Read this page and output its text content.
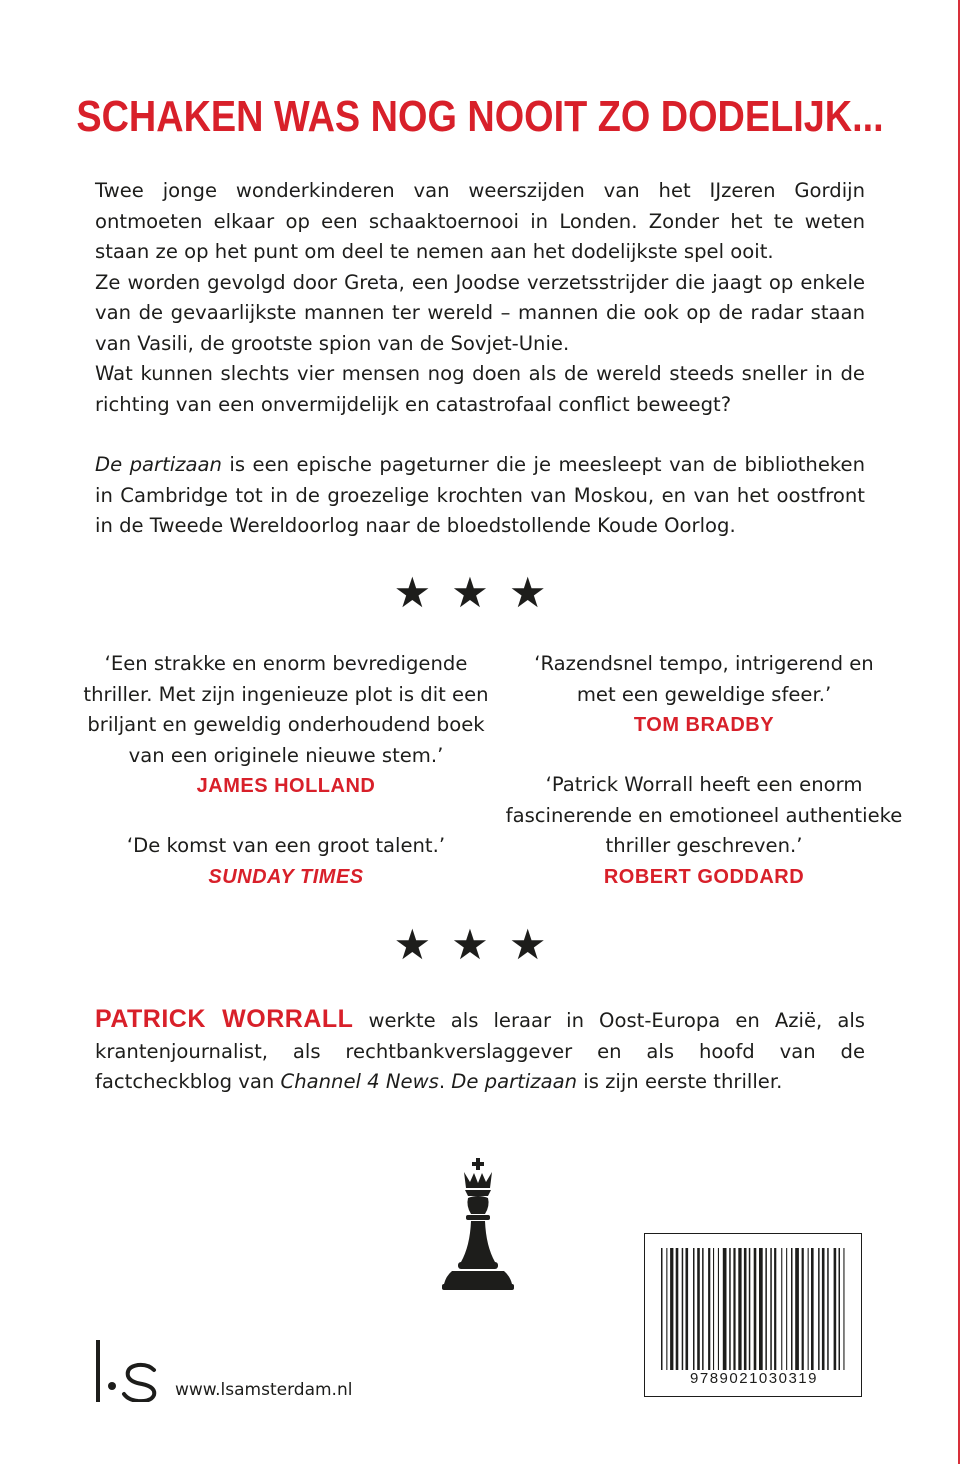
SCHAKEN WAS NOG NOOIT ZO DODELIJK...

Twee jonge wonderkinderen van weerszijden van het IJzeren Gordijn ontmoeten elkaar op een schaaktoernooi in Londen. Zonder het te weten staan ze op het punt om deel te nemen aan het dodelijkste spel ooit.

Ze worden gevolgd door Greta, een Joodse verzetsstrijder die jaagt op enkele van de gevaarlijkste mannen ter wereld – mannen die ook op de radar staan van Vasili, de grootste spion van de Sovjet-Unie.

Wat kunnen slechts vier mensen nog doen als de wereld steeds sneller in de richting van een onvermijdelijk en catastrofaal conflict beweegt?

De partizaan is een epische pageturner die je meesleept van de bibliotheken in Cambridge tot in de groezelige krochten van Moskou, en van het oostfront in de Tweede Wereldoorlog naar de bloedstollende Koude Oorlog.

★★★

‘Een strakke en enorm bevredigende thriller. Met zijn ingenieuze plot is dit een briljant en geweldig onderhoudend boek van een originele nieuwe stem.’

JAMES HOLLAND

‘De komst van een groot talent.’

SUNDAY TIMES

‘Razendsnel tempo, intrigerend en met een geweldige sfeer.’

TOM BRADBY

‘Patrick Worrall heeft een enorm fascinerende en emotioneel authentieke thriller geschreven.’

ROBERT GODDARD

★★★

PATRICK WORRALL werkte als leraar in Oost-Europa en Azië, als krantenjournalist, als rechtbankverslaggever en als hoofd van de factcheckblog van Channel 4 News. De partizaan is zijn eerste thriller.

www.lsamsterdam.nl
9789021030319
